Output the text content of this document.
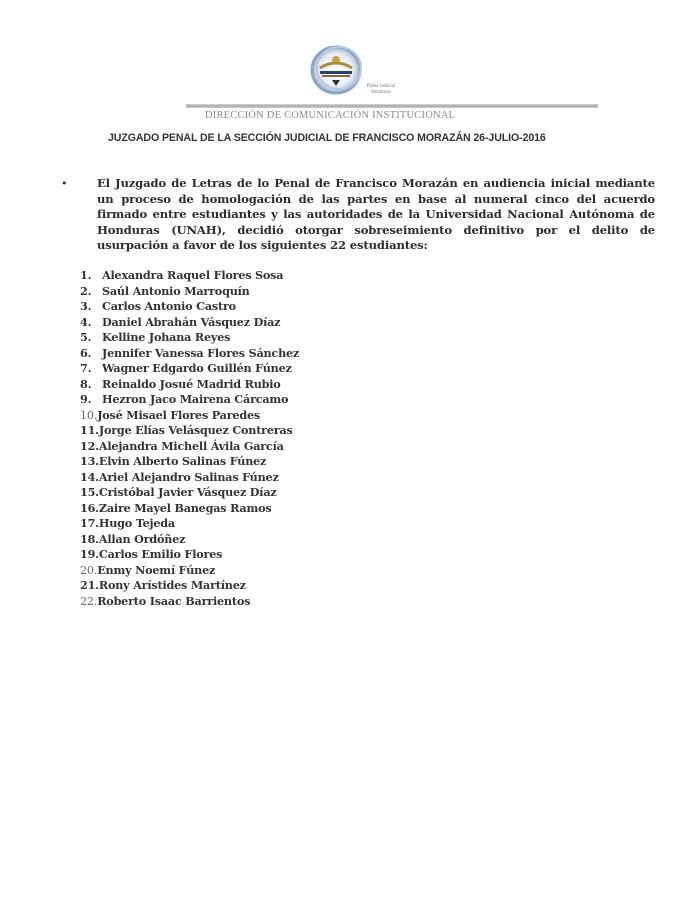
Poder Judicial
Honduras
DIRECCIÓN DE COMUNICACIÓN INSTITUCIONAL
JUZGADO PENAL DE LA SECCIÓN JUDICIAL DE FRANCISCO MORAZÁN 26-JULIO-2016
•	El Juzgado de Letras de lo Penal de Francisco Morazán en audiencia inicial mediante un proceso de homologación de las partes en base al numeral cinco del acuerdo firmado entre estudiantes y las autoridades de la Universidad Nacional Autónoma de Honduras (UNAH), decidió otorgar sobreseimiento definitivo por el delito de usurpación a favor de los siguientes 22 estudiantes:
1. Alexandra Raquel Flores Sosa
2. Saúl Antonio Marroquín
3. Carlos Antonio Castro
4. Daniel Abrahán Vásquez Díaz
5. Kelline Johana Reyes
6. Jennifer Vanessa Flores Sánchez
7. Wagner Edgardo Guillén Fúnez
8. Reinaldo Josué Madrid Rubio
9. Hezron Jaco Mairena Cárcamo
10.José Misael Flores Paredes
11.Jorge Elías Velásquez Contreras
12.Alejandra Michell Ávila García
13.Elvin Alberto Salinas Fúnez
14.Ariel Alejandro Salinas Fúnez
15.Cristóbal Javier Vásquez Díaz
16.Zaire Mayel Banegas Ramos
17.Hugo Tejeda
18.Allan Ordóñez
19.Carlos Emilio Flores
20.Enmy Noemí Fúnez
21.Rony Arístides Martínez
22.Roberto Isaac Barrientos
